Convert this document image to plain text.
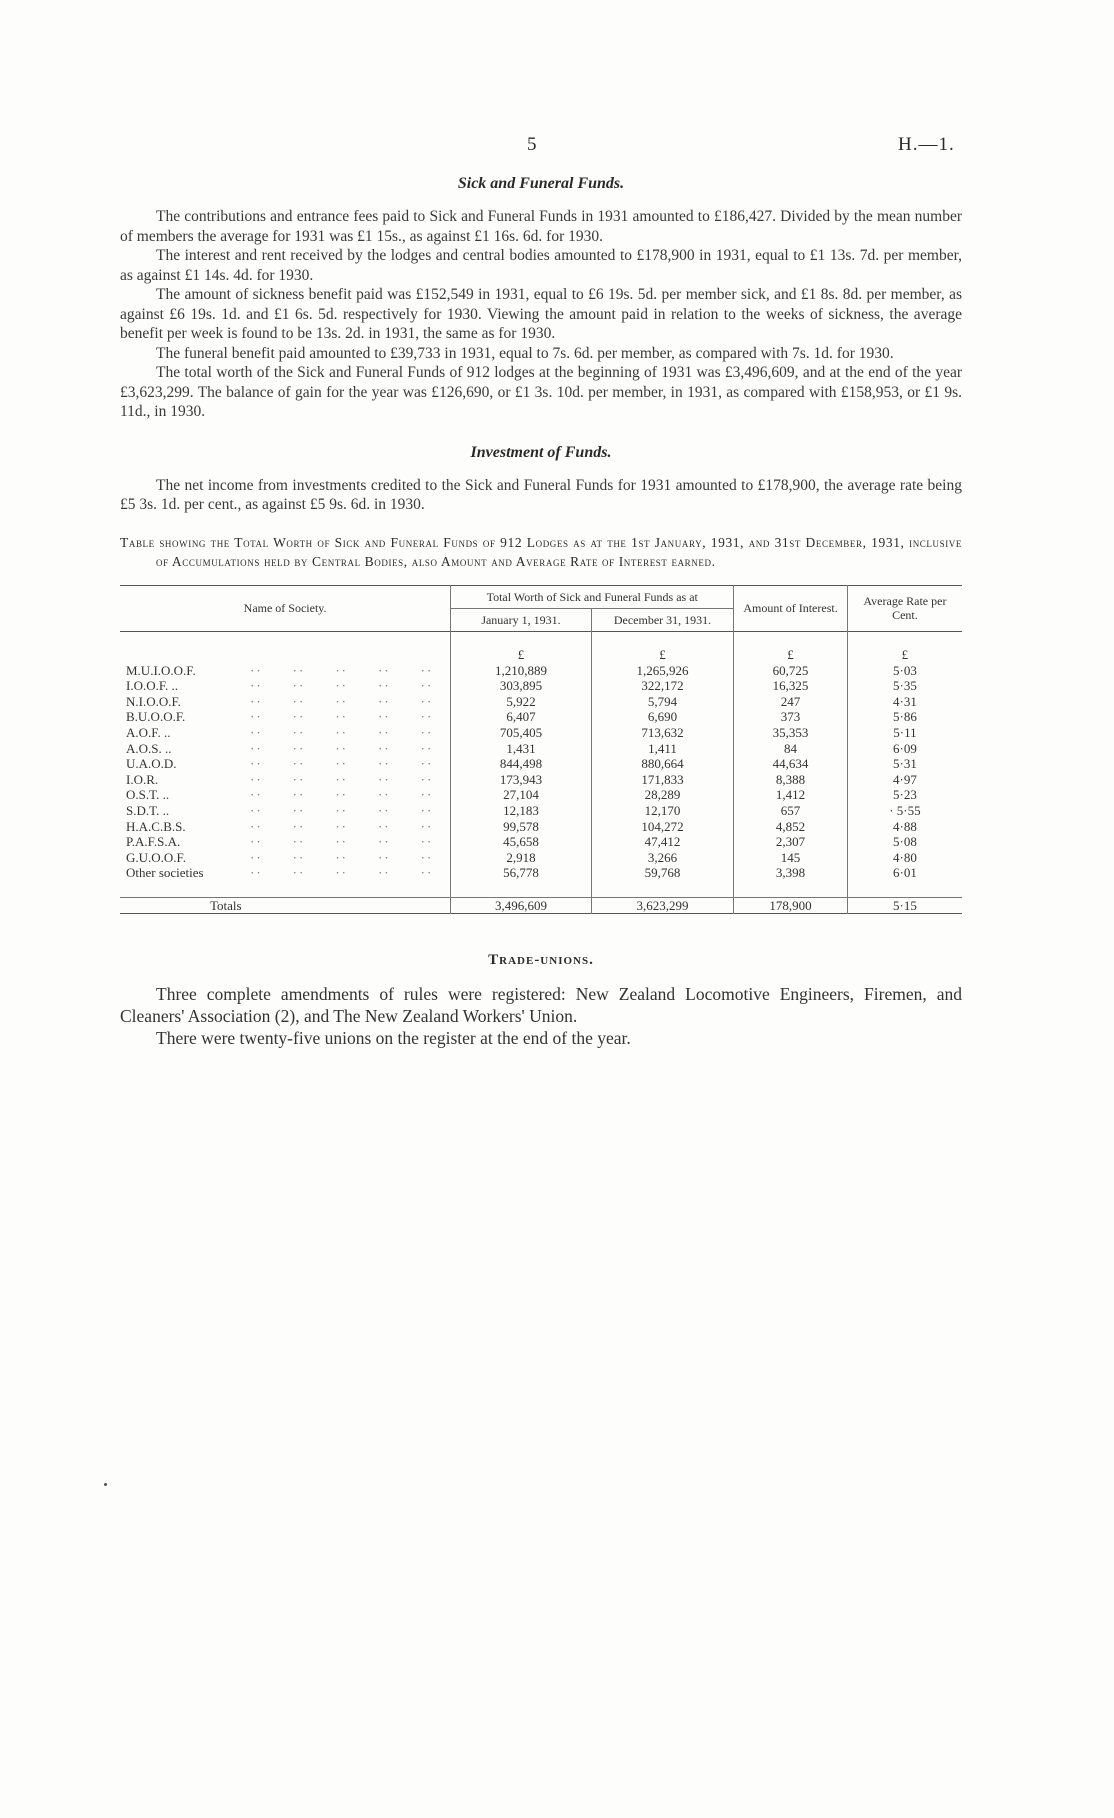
5	H.—1.
Sick and Funeral Funds.

The contributions and entrance fees paid to Sick and Funeral Funds in 1931 amounted to £186,427. Divided by the mean number of members the average for 1931 was £1 15s., as against £1 16s. 6d. for 1930.

The interest and rent received by the lodges and central bodies amounted to £178,900 in 1931, equal to £1 13s. 7d. per member, as against £1 14s. 4d. for 1930.

The amount of sickness benefit paid was £152,549 in 1931, equal to £6 19s. 5d. per member sick, and £1 8s. 8d. per member, as against £6 19s. 1d. and £1 6s. 5d. respectively for 1930. Viewing the amount paid in relation to the weeks of sickness, the average benefit per week is found to be 13s. 2d. in 1931, the same as for 1930.

The funeral benefit paid amounted to £39,733 in 1931, equal to 7s. 6d. per member, as compared with 7s. 1d. for 1930.

The total worth of the Sick and Funeral Funds of 912 lodges at the beginning of 1931 was £3,496,609, and at the end of the year £3,623,299. The balance of gain for the year was £126,690, or £1 3s. 10d. per member, in 1931, as compared with £158,953, or £1 9s. 11d., in 1930.

Investment of Funds.

The net income from investments credited to the Sick and Funeral Funds for 1931 amounted to £178,900, the average rate being £5 3s. 1d. per cent., as against £5 9s. 6d. in 1930.

Table showing the Total Worth of Sick and Funeral Funds of 912 Lodges as at the 1st January, 1931, and 31st December, 1931, inclusive of Accumulations held by Central Bodies, also Amount and Average Rate of Interest earned.

Name of Society.	Total Worth of Sick and Funeral Funds as at		Amount of Interest.	Average Rate per Cent.
	January 1, 1931.	December 31, 1931.		

	£	£	£	£
M.U.I.O.O.F. ··  ··  ··  ··  ··	1,210,889	1,265,926	60,725	5·03
I.O.O.F. .. ··  ··  ··  ··  ··	303,895	322,172	16,325	5·35
N.I.O.O.F. ··  ··  ··  ··  ··	5,922	5,794	247	4·31
B.U.O.O.F. ··  ··  ··  ··  ··	6,407	6,690	373	5·86
A.O.F. .. ··  ··  ··  ··  ··	705,405	713,632	35,353	5·11
A.O.S. .. ··  ··  ··  ··  ··	1,431	1,411	84	6·09
U.A.O.D. ··  ··  ··  ··  ··	844,498	880,664	44,634	5·31
I.O.R. ··  ··  ··  ··  ··	173,943	171,833	8,388	4·97
O.S.T. .. ··  ··  ··  ··  ··	27,104	28,289	1,412	5·23
S.D.T. .. ··  ··  ··  ··  ··	12,183	12,170	657	· 5·55
H.A.C.B.S. ··  ··  ··  ··  ··	99,578	104,272	4,852	4·88
P.A.F.S.A. ··  ··  ··  ··  ··	45,658	47,412	2,307	5·08
G.U.O.O.F. ··  ··  ··  ··  ··	2,918	3,266	145	4·80
Other societies ··  ··  ··  ··  ··	56,778	59,768	3,398	6·01

Totals	3,496,609	3,623,299	178,900	5·15
Trade-unions.

Three complete amendments of rules were registered: New Zealand Locomotive Engineers, Firemen, and Cleaners' Association (2), and The New Zealand Workers' Union.

There were twenty-five unions on the register at the end of the year.
